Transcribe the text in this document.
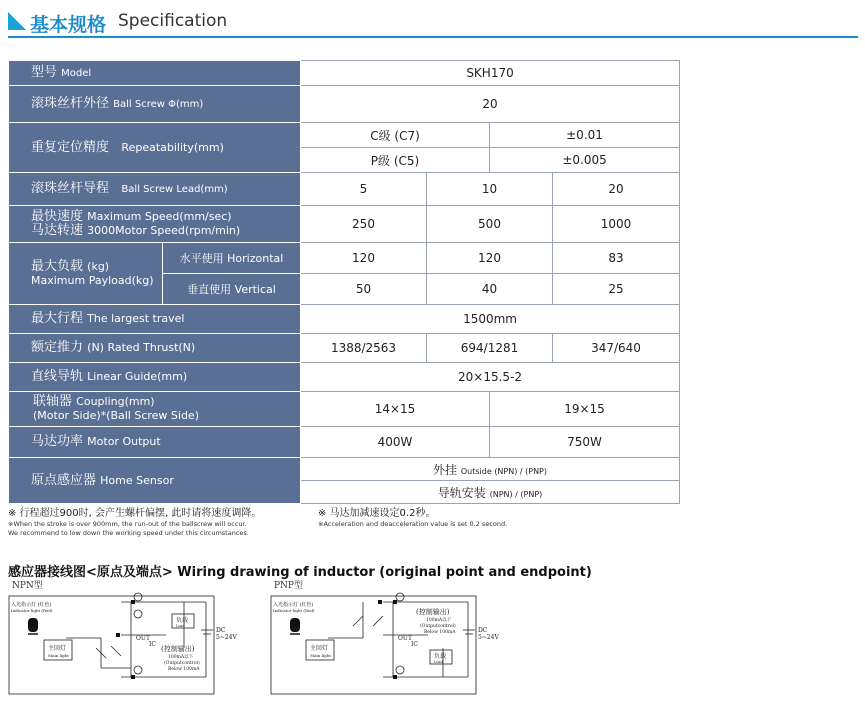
基本规格 Specification
型号 Model		SKH170			
滚珠丝杆外径 Ball Screw Φ(mm)		20			
重复定位精度 Repeatability(mm)		C级 (C7)		±0.01	
		P级 (C5)		±0.005	
滚珠丝杆导程 Ball Screw Lead(mm)		5	10		20
最快速度 Maximum Speed(mm/sec)
马达转速 3000Motor Speed(rpm/min)		250	500		1000
最大负载 (kg)
Maximum Payload(kg)	水平使用 Horizontal	120	120		83
	垂直使用 Vertical	50	40		25
最大行程 The largest travel		1500mm			
额定推力 (N) Rated Thrust(N)		1388/2563	694/1281		347/640
直线导轨 Linear Guide(mm)		20×15.5-2			
联轴器 Coupling(mm)
(Motor Side)*(Ball Screw Side)		14×15		19×15	
马达功率 Motor Output		400W		750W	
原点感应器 Home Sensor		外挂 Outside (NPN) / (PNP)			
		导轨安装 (NPN) / (PNP)			
※ 行程超过900时, 会产生螺杆偏摆, 此时请将速度调降。
※When the stroke is over 900mm, the run-out of the ballscrew will occur.
We recommend to low down the working speed under this circumstances.
※ 马达加减速设定0.2秒。
※Acceleration and deacceleration value is set 0.2 second.
感应器接线图<原点及端点> Wiring drawing of inductor (original point and endpoint)
NPN型	PNP型
入光指示灯 (红色)
Indicator light (Red)
主回灯
Main light
负载
Load
OUT
IC
DC
5~24V
(控制输出)
100mA以下
(Outputcontrol)
Below 100mA
入光指示灯 (红色)
Indicator light (Red)
主回灯
Main light	负载
Load
OUT
IC
DC
5~24V
(控制输出)
100mA以下
(Outputcontrol)
Below 100mA
